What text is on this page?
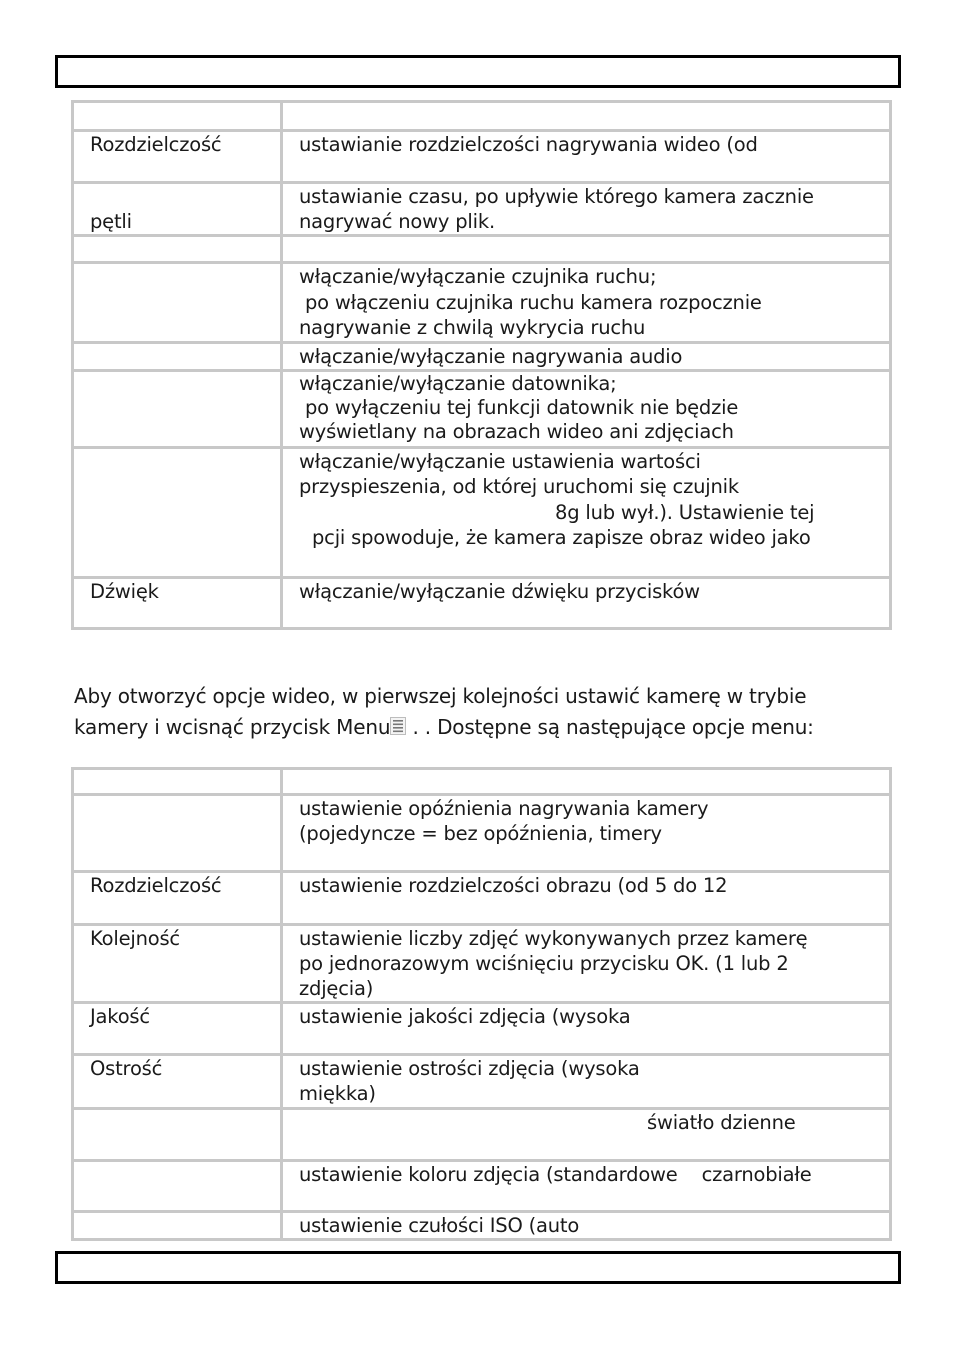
Rozdzielczość	ustawianie rozdzielczości nagrywania wideo (od

pętli	ustawianie czasu, po upływie którego kamera zacznie
nagrywać nowy plik.

	włączanie/wyłączanie czujnika ruchu;
po włączeniu czujnika ruchu kamera rozpocznie
nagrywanie z chwilą wykrycia ruchu

	włączanie/wyłączanie nagrywania audio

	włączanie/wyłączanie datownika;
po wyłączeniu tej funkcji datownik nie będzie
wyświetlany na obrazach wideo ani zdjęciach

	włączanie/wyłączanie ustawienia wartości
przyspieszenia, od której uruchomi się czujnik
8g lub wył.). Ustawienie tej
pcji spowoduje, że kamera zapisze obraz wideo jako

Dźwięk	włączanie/wyłączanie dźwięku przycisków
Aby otworzyć opcje wideo, w pierwszej kolejności ustawić kamerę w trybie
kamery i wcisnąć przycisk Menu . . Dostępne są następujące opcje menu:

	ustawienie opóźnienia nagrywania kamery
(pojedyncze = bez opóźnienia, timery

Rozdzielczość	ustawienie rozdzielczości obrazu (od 5 do 12

Kolejność	ustawienie liczby zdjęć wykonywanych przez kamerę
po jednorazowym wciśnięciu przycisku OK. (1 lub 2
zdjęcia)

Jakość	ustawienie jakości zdjęcia (wysoka

Ostrość	ustawienie ostrości zdjęcia (wysoka
miękka)

	światło dzienne

	ustawienie koloru zdjęcia (standardowe    czarnobiałe

	ustawienie czułości ISO (auto
